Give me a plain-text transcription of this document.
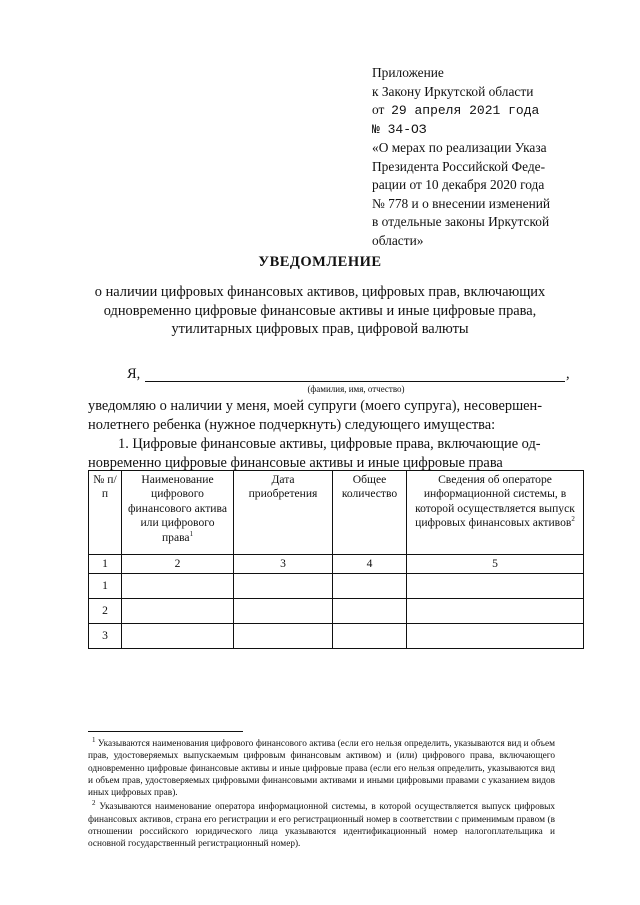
Приложение
к Закону Иркутской области
от 29 апреля 2021 года
№ 34-ОЗ
«О мерах по реализации Указа
Президента Российской Феде-
рации от 10 декабря 2020 года
№ 778 и о внесении изменений
в отдельные законы Иркутской
области»
УВЕДОМЛЕНИЕ
о наличии цифровых финансовых активов, цифровых прав, включающих
одновременно цифровые финансовые активы и иные цифровые права,
утилитарных цифровых прав, цифровой валюты
Я,	,
(фамилия, имя, отчество)
уведомляю о наличии у меня, моей супруги (моего супруга), несовершен-
нолетнего ребенка (нужное подчеркнуть) следующего имущества:
1. Цифровые финансовые активы, цифровые права, включающие од-
новременно цифровые финансовые активы и иные цифровые права
№ п/п	Наименование цифрового финансового актива или цифрового права$^1$	Дата приобретения	Общее количество	Сведения об операторе информационной системы, в которой осуществляется выпуск цифровых финансовых активов$^2$
1	2	3	4	5
1				
2				
3				

$^1$ Указываются наименования цифрового финансового актива (если его нельзя определить, указываются вид и объем прав, удостоверяемых выпускаемым цифровым финансовым активом) и (или) цифрового права, включающего одновременно цифровые финансовые активы и иные цифровые права (если его нельзя определить, указываются вид и объем прав, удостоверяемых цифровыми финансовыми активами и иными цифровыми правами с указанием видов иных цифровых прав).

$^2$ Указываются наименование оператора информационной системы, в которой осуществляется выпуск цифровых финансовых активов, страна его регистрации и его регистрационный номер в соответствии с применимым правом (в отношении российского юридического лица указываются идентификационный номер налогоплательщика и основной государственный регистрационный номер).
